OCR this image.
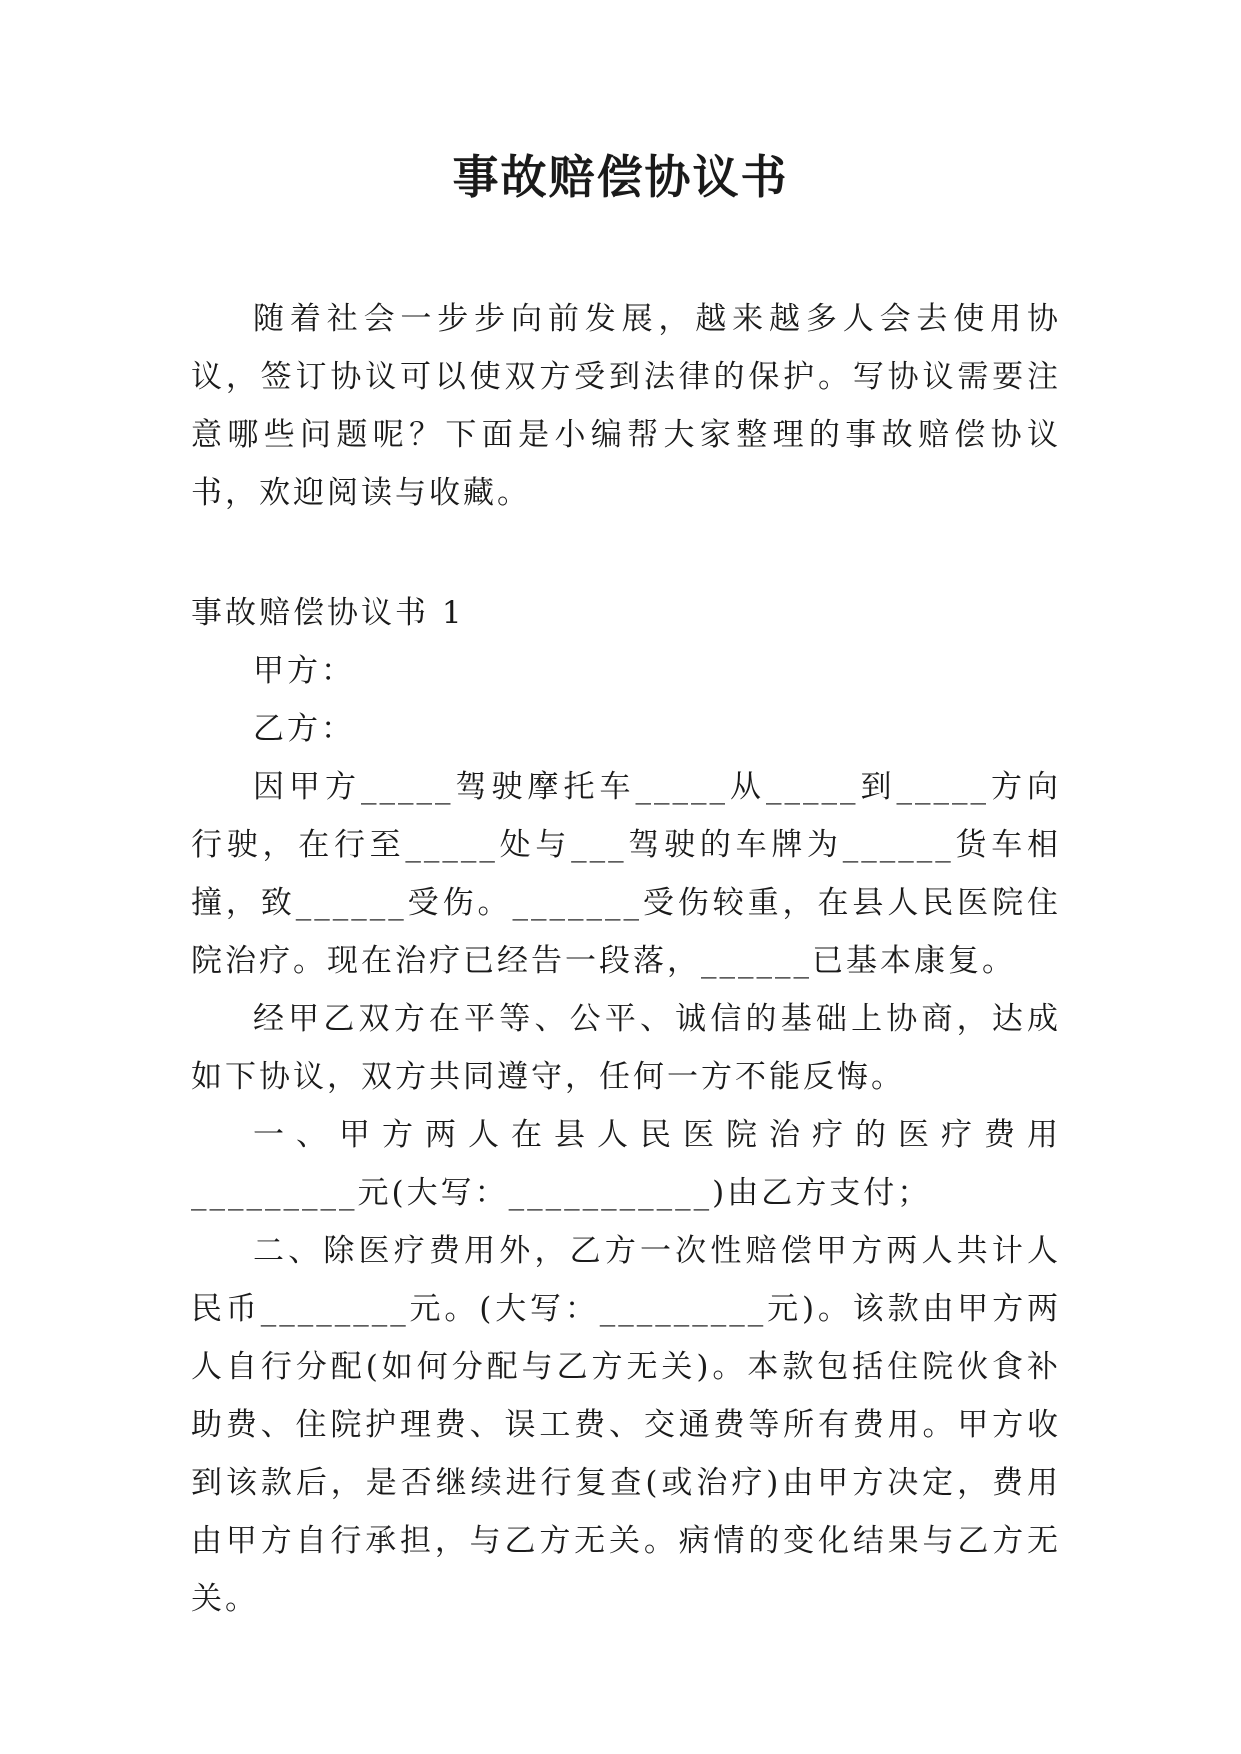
事故赔偿协议书

随着社会一步步向前发展，越来越多人会去使用协议，签订协议可以使双方受到法律的保护。写协议需要注意哪些问题呢？下面是小编帮大家整理的事故赔偿协议书，欢迎阅读与收藏。

事故赔偿协议书 1

甲方：

乙方：

因甲方_____驾驶摩托车_____从_____到_____方向行驶，在行至_____处与___驾驶的车牌为______货车相撞，致______受伤。_______受伤较重，在县人民医院住院治疗。现在治疗已经告一段落，______已基本康复。

经甲乙双方在平等、公平、诚信的基础上协商，达成如下协议，双方共同遵守，任何一方不能反悔。

一、甲方两人在县人民医院治疗的医疗费用_________元(大写：___________)由乙方支付；

二、除医疗费用外，乙方一次性赔偿甲方两人共计人民币________元。(大写：_________元)。该款由甲方两人自行分配(如何分配与乙方无关)。本款包括住院伙食补助费、住院护理费、误工费、交通费等所有费用。甲方收到该款后，是否继续进行复查(或治疗)由甲方决定，费用由甲方自行承担，与乙方无关。病情的变化结果与乙方无关。
